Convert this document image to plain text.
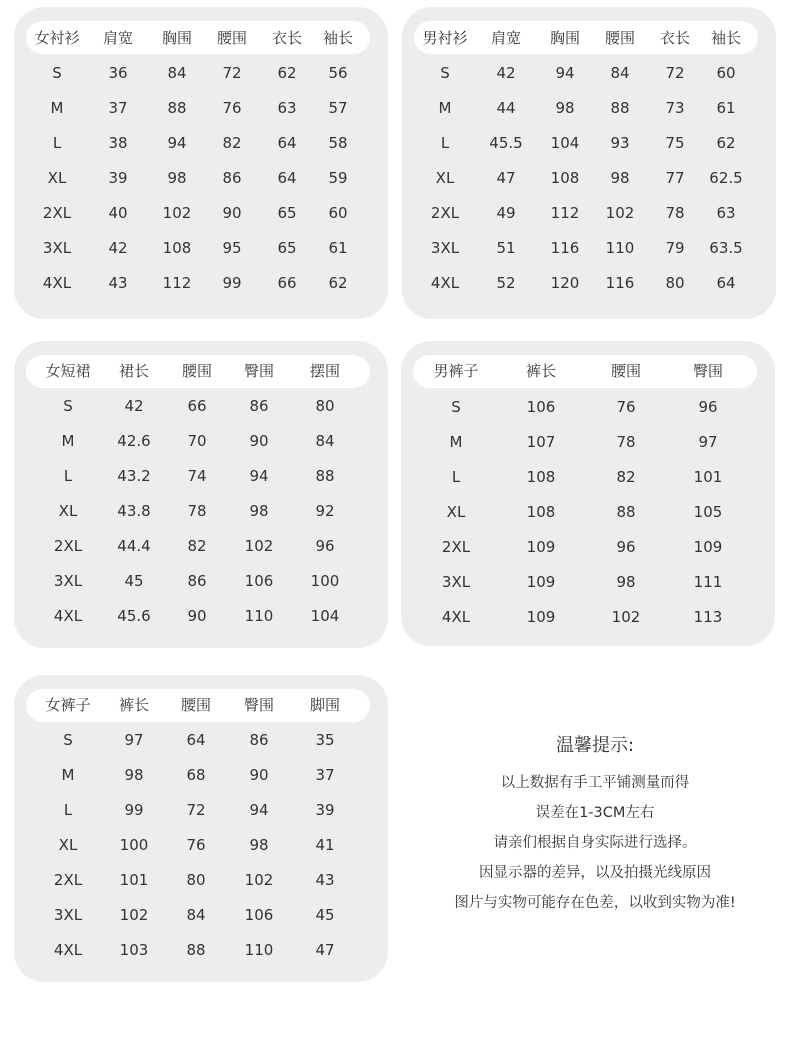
女衬衫 肩宽 胸围 腰围 衣长 袖长
S	36	84 72 62 56
M	37	88 76 63 57
L	38	94 82 64 58
XL	39	98 86 64 59
2XL 40 102 90 65 60
3XL 42 108 95 65 61
4XL 43 112 99 66 62
男衬衫 肩宽 胸围 腰围 衣长 袖长
S	42	94 84 72 60
M	44	98 88 73 61
L	45.5 104 93 75 62
XL	47 108 98 77 62.5
2XL 49 112 102 78 63
3XL 51 116 110 79 63.5
4XL 52 120 116 80 64
女短裙 裙长 腰围 臀围 摆围
S	42	66	86	80
M	42.6 70	90	84
L	43.2 74	94	88
XL	43.8 78	98	92
2XL 44.4 82	102	96
3XL	45	86	106 100
4XL 45.6 90	110 104
男裤子	裤长	腰围	臀围
S	106	76	96
M	107	78	97
L	108	82	101
XL	108	88	105
2XL	109	96	109
3XL	109	98	111
4XL	109	102	113
女裤子 裤长 腰围 臀围 脚围
S	97	64	86	35
M	98	68	90	37
L	99	72	94	39
XL	100	76	98	41
2XL	101	80	102	43
3XL	102	84	106	45
4XL	103	88	110	47
温馨提示:
以上数据有手工平铺测量而得
误差在1-3CM左右
请亲们根据自身实际进行选择。
因显示器的差异，以及拍摄光线原因
图片与实物可能存在色差，以收到实物为准!
